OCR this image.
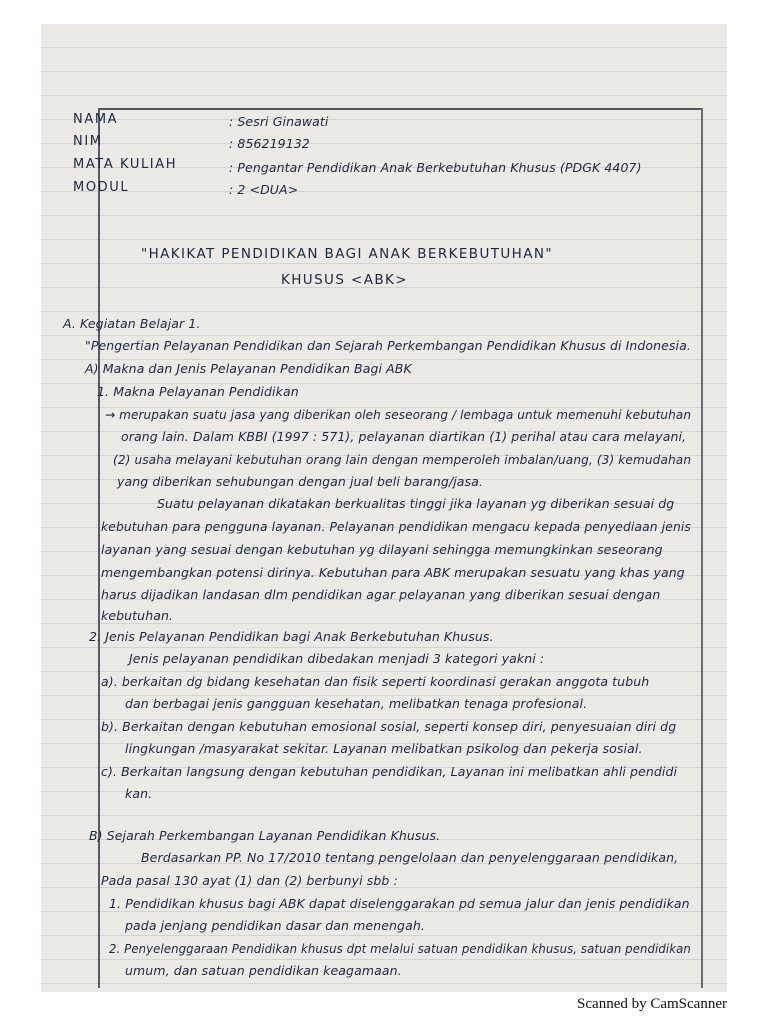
NAMA	: Sesri Ginawati
NIM	: 856219132
MATA KULIAH	: Pengantar Pendidikan Anak Berkebutuhan Khusus (PDGK 4407)
MODUL	: 2 <DUA>
"HAKIKAT PENDIDIKAN BAGI ANAK BERKEBUTUHAN"
KHUSUS <ABK>
A. Kegiatan Belajar 1.
"Pengertian Pelayanan Pendidikan dan Sejarah Perkembangan Pendidikan Khusus di Indonesia.
A) Makna dan Jenis Pelayanan Pendidikan Bagi ABK
1. Makna Pelayanan Pendidikan
→ merupakan suatu jasa yang diberikan oleh seseorang / lembaga untuk memenuhi kebutuhan
orang lain. Dalam KBBI (1997 : 571), pelayanan diartikan (1) perihal atau cara melayani,
(2) usaha melayani kebutuhan orang lain dengan memperoleh imbalan/uang, (3) kemudahan
yang diberikan sehubungan dengan jual beli barang/jasa.
Suatu pelayanan dikatakan berkualitas tinggi jika layanan yg diberikan sesuai dg
kebutuhan para pengguna layanan. Pelayanan pendidikan mengacu kepada penyediaan jenis
layanan yang sesuai dengan kebutuhan yg dilayani sehingga memungkinkan seseorang
mengembangkan potensi dirinya. Kebutuhan para ABK merupakan sesuatu yang khas yang
harus dijadikan landasan dlm pendidikan agar pelayanan yang diberikan sesuai dengan
kebutuhan.
2. Jenis Pelayanan Pendidikan bagi Anak Berkebutuhan Khusus.
Jenis pelayanan pendidikan dibedakan menjadi 3 kategori yakni :
a). berkaitan dg bidang kesehatan dan fisik seperti koordinasi gerakan anggota tubuh
dan berbagai jenis gangguan kesehatan, melibatkan tenaga profesional.
b). Berkaitan dengan kebutuhan emosional sosial, seperti konsep diri, penyesuaian diri dg
lingkungan /masyarakat sekitar. Layanan melibatkan psikolog dan pekerja sosial.
c). Berkaitan langsung dengan kebutuhan pendidikan, Layanan ini melibatkan ahli pendidi
kan.
B) Sejarah Perkembangan Layanan Pendidikan Khusus.
Berdasarkan PP. No 17/2010 tentang pengelolaan dan penyelenggaraan pendidikan,
Pada pasal 130 ayat (1) dan (2) berbunyi sbb :
1. Pendidikan khusus bagi ABK dapat diselenggarakan pd semua jalur dan jenis pendidikan
pada jenjang pendidikan dasar dan menengah.
2. Penyelenggaraan Pendidikan khusus dpt melalui satuan pendidikan khusus, satuan pendidikan
umum, dan satuan pendidikan keagamaan.
Scanned by CamScanner
